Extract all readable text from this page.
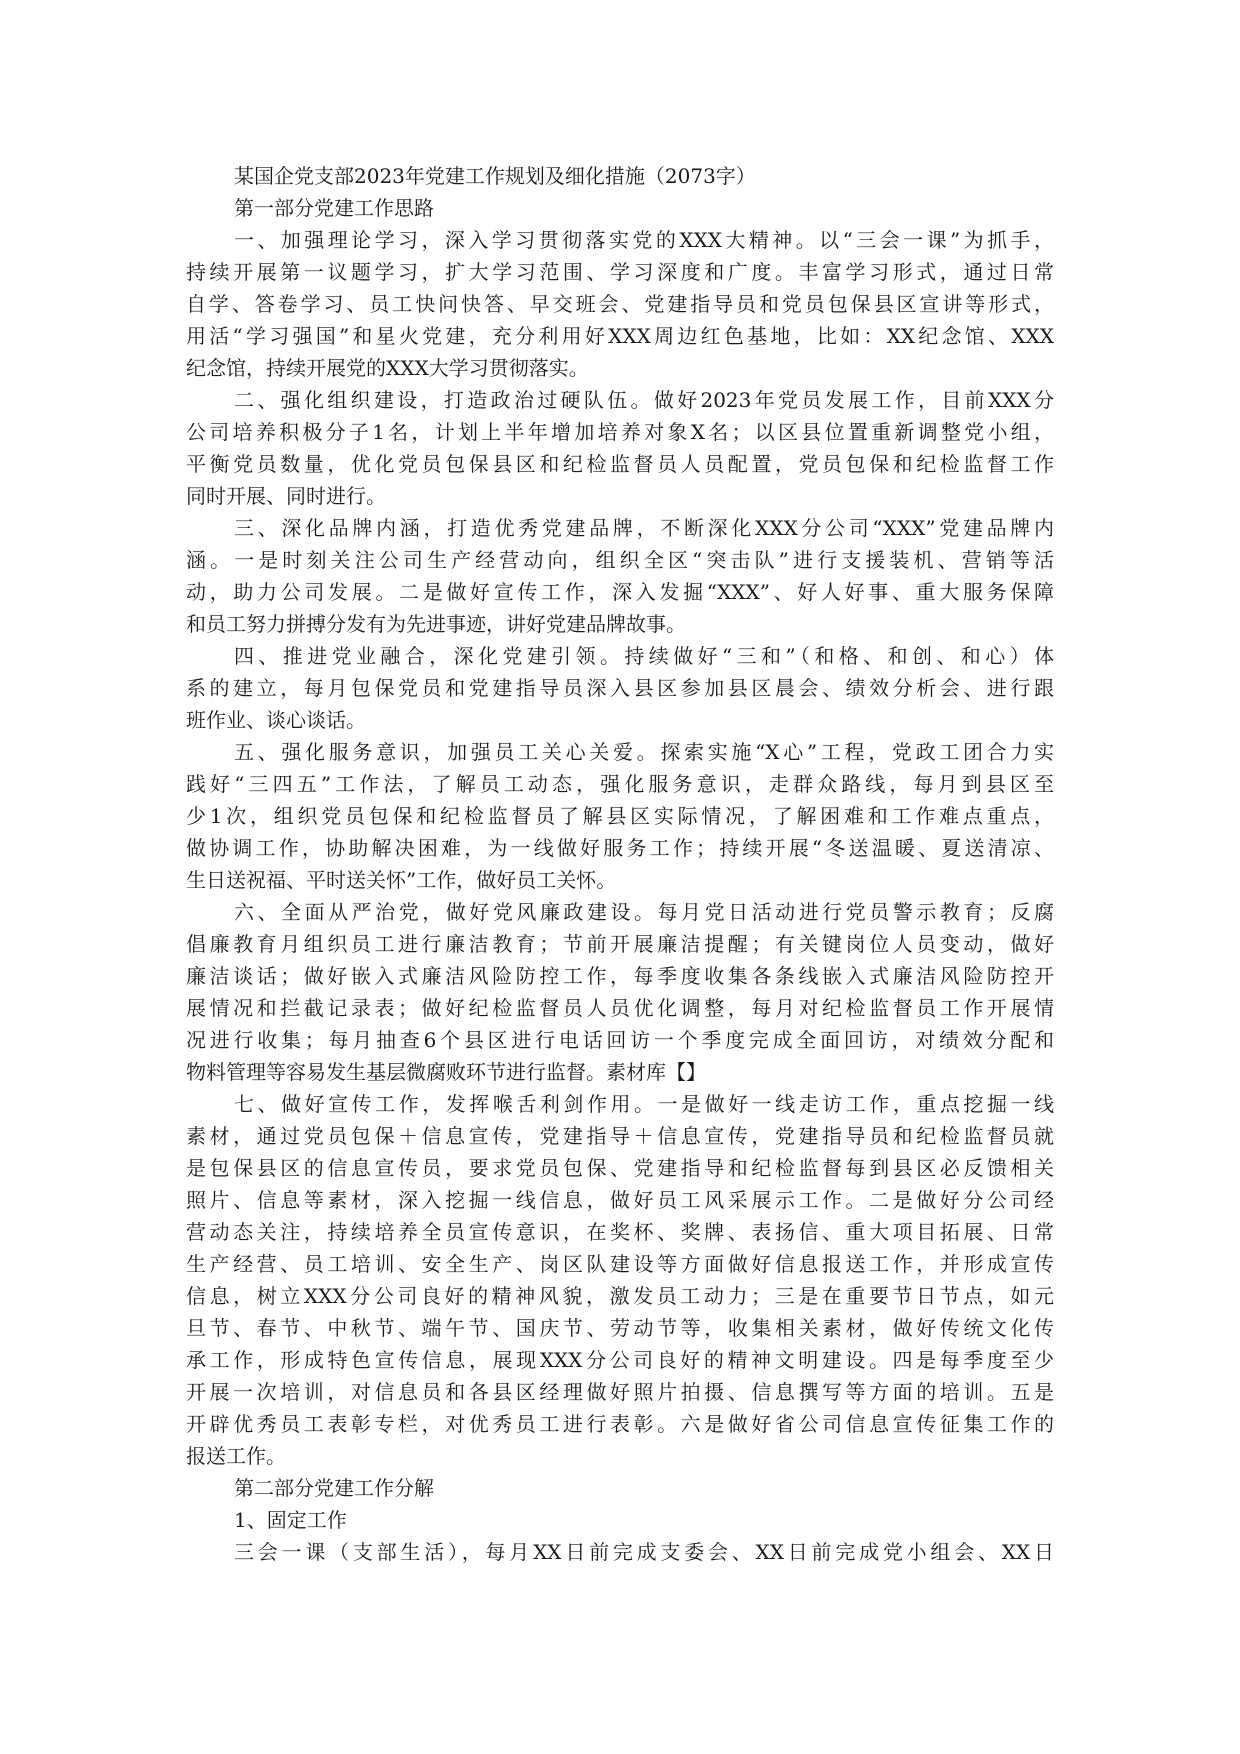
某国企党支部2023年党建工作规划及细化措施（2073字）

第一部分党建工作思路

一、加强理论学习，深入学习贯彻落实党的XXX大精神。以“三会一课”为抓手，

持续开展第一议题学习，扩大学习范围、学习深度和广度。丰富学习形式，通过日常

自学、答卷学习、员工快问快答、早交班会、党建指导员和党员包保县区宣讲等形式，

用活“学习强国”和星火党建，充分利用好XXX周边红色基地，比如：XX纪念馆、XXX

纪念馆，持续开展党的XXX大学习贯彻落实。

二、强化组织建设，打造政治过硬队伍。做好2023年党员发展工作，目前XXX分

公司培养积极分子1名，计划上半年增加培养对象X名；以区县位置重新调整党小组，

平衡党员数量，优化党员包保县区和纪检监督员人员配置，党员包保和纪检监督工作

同时开展、同时进行。

三、深化品牌内涵，打造优秀党建品牌，不断深化XXX分公司“XXX”党建品牌内

涵。一是时刻关注公司生产经营动向，组织全区“突击队”进行支援装机、营销等活

动，助力公司发展。二是做好宣传工作，深入发掘“XXX”、好人好事、重大服务保障

和员工努力拼搏分发有为先进事迹，讲好党建品牌故事。

四、推进党业融合，深化党建引领。持续做好“三和”（和格、和创、和心）体

系的建立，每月包保党员和党建指导员深入县区参加县区晨会、绩效分析会、进行跟

班作业、谈心谈话。

五、强化服务意识，加强员工关心关爱。探索实施“X心”工程，党政工团合力实

践好“三四五”工作法，了解员工动态，强化服务意识，走群众路线，每月到县区至

少1次，组织党员包保和纪检监督员了解县区实际情况，了解困难和工作难点重点，

做协调工作，协助解决困难，为一线做好服务工作；持续开展“冬送温暖、夏送清凉、

生日送祝福、平时送关怀”工作，做好员工关怀。

六、全面从严治党，做好党风廉政建设。每月党日活动进行党员警示教育；反腐

倡廉教育月组织员工进行廉洁教育；节前开展廉洁提醒；有关键岗位人员变动，做好

廉洁谈话；做好嵌入式廉洁风险防控工作，每季度收集各条线嵌入式廉洁风险防控开

展情况和拦截记录表；做好纪检监督员人员优化调整，每月对纪检监督员工作开展情

况进行收集；每月抽查6个县区进行电话回访一个季度完成全面回访，对绩效分配和

物料管理等容易发生基层微腐败环节进行监督。素材库【】

七、做好宣传工作，发挥喉舌利剑作用。一是做好一线走访工作，重点挖掘一线

素材，通过党员包保＋信息宣传，党建指导＋信息宣传，党建指导员和纪检监督员就

是包保县区的信息宣传员，要求党员包保、党建指导和纪检监督每到县区必反馈相关

照片、信息等素材，深入挖掘一线信息，做好员工风采展示工作。二是做好分公司经

营动态关注，持续培养全员宣传意识，在奖杯、奖牌、表扬信、重大项目拓展、日常

生产经营、员工培训、安全生产、岗区队建设等方面做好信息报送工作，并形成宣传

信息，树立XXX分公司良好的精神风貌，激发员工动力；三是在重要节日节点，如元

旦节、春节、中秋节、端午节、国庆节、劳动节等，收集相关素材，做好传统文化传

承工作，形成特色宣传信息，展现XXX分公司良好的精神文明建设。四是每季度至少

开展一次培训，对信息员和各县区经理做好照片拍摄、信息撰写等方面的培训。五是

开辟优秀员工表彰专栏，对优秀员工进行表彰。六是做好省公司信息宣传征集工作的

报送工作。

第二部分党建工作分解

1、固定工作

三会一课（支部生活），每月XX日前完成支委会、XX日前完成党小组会、XX日
